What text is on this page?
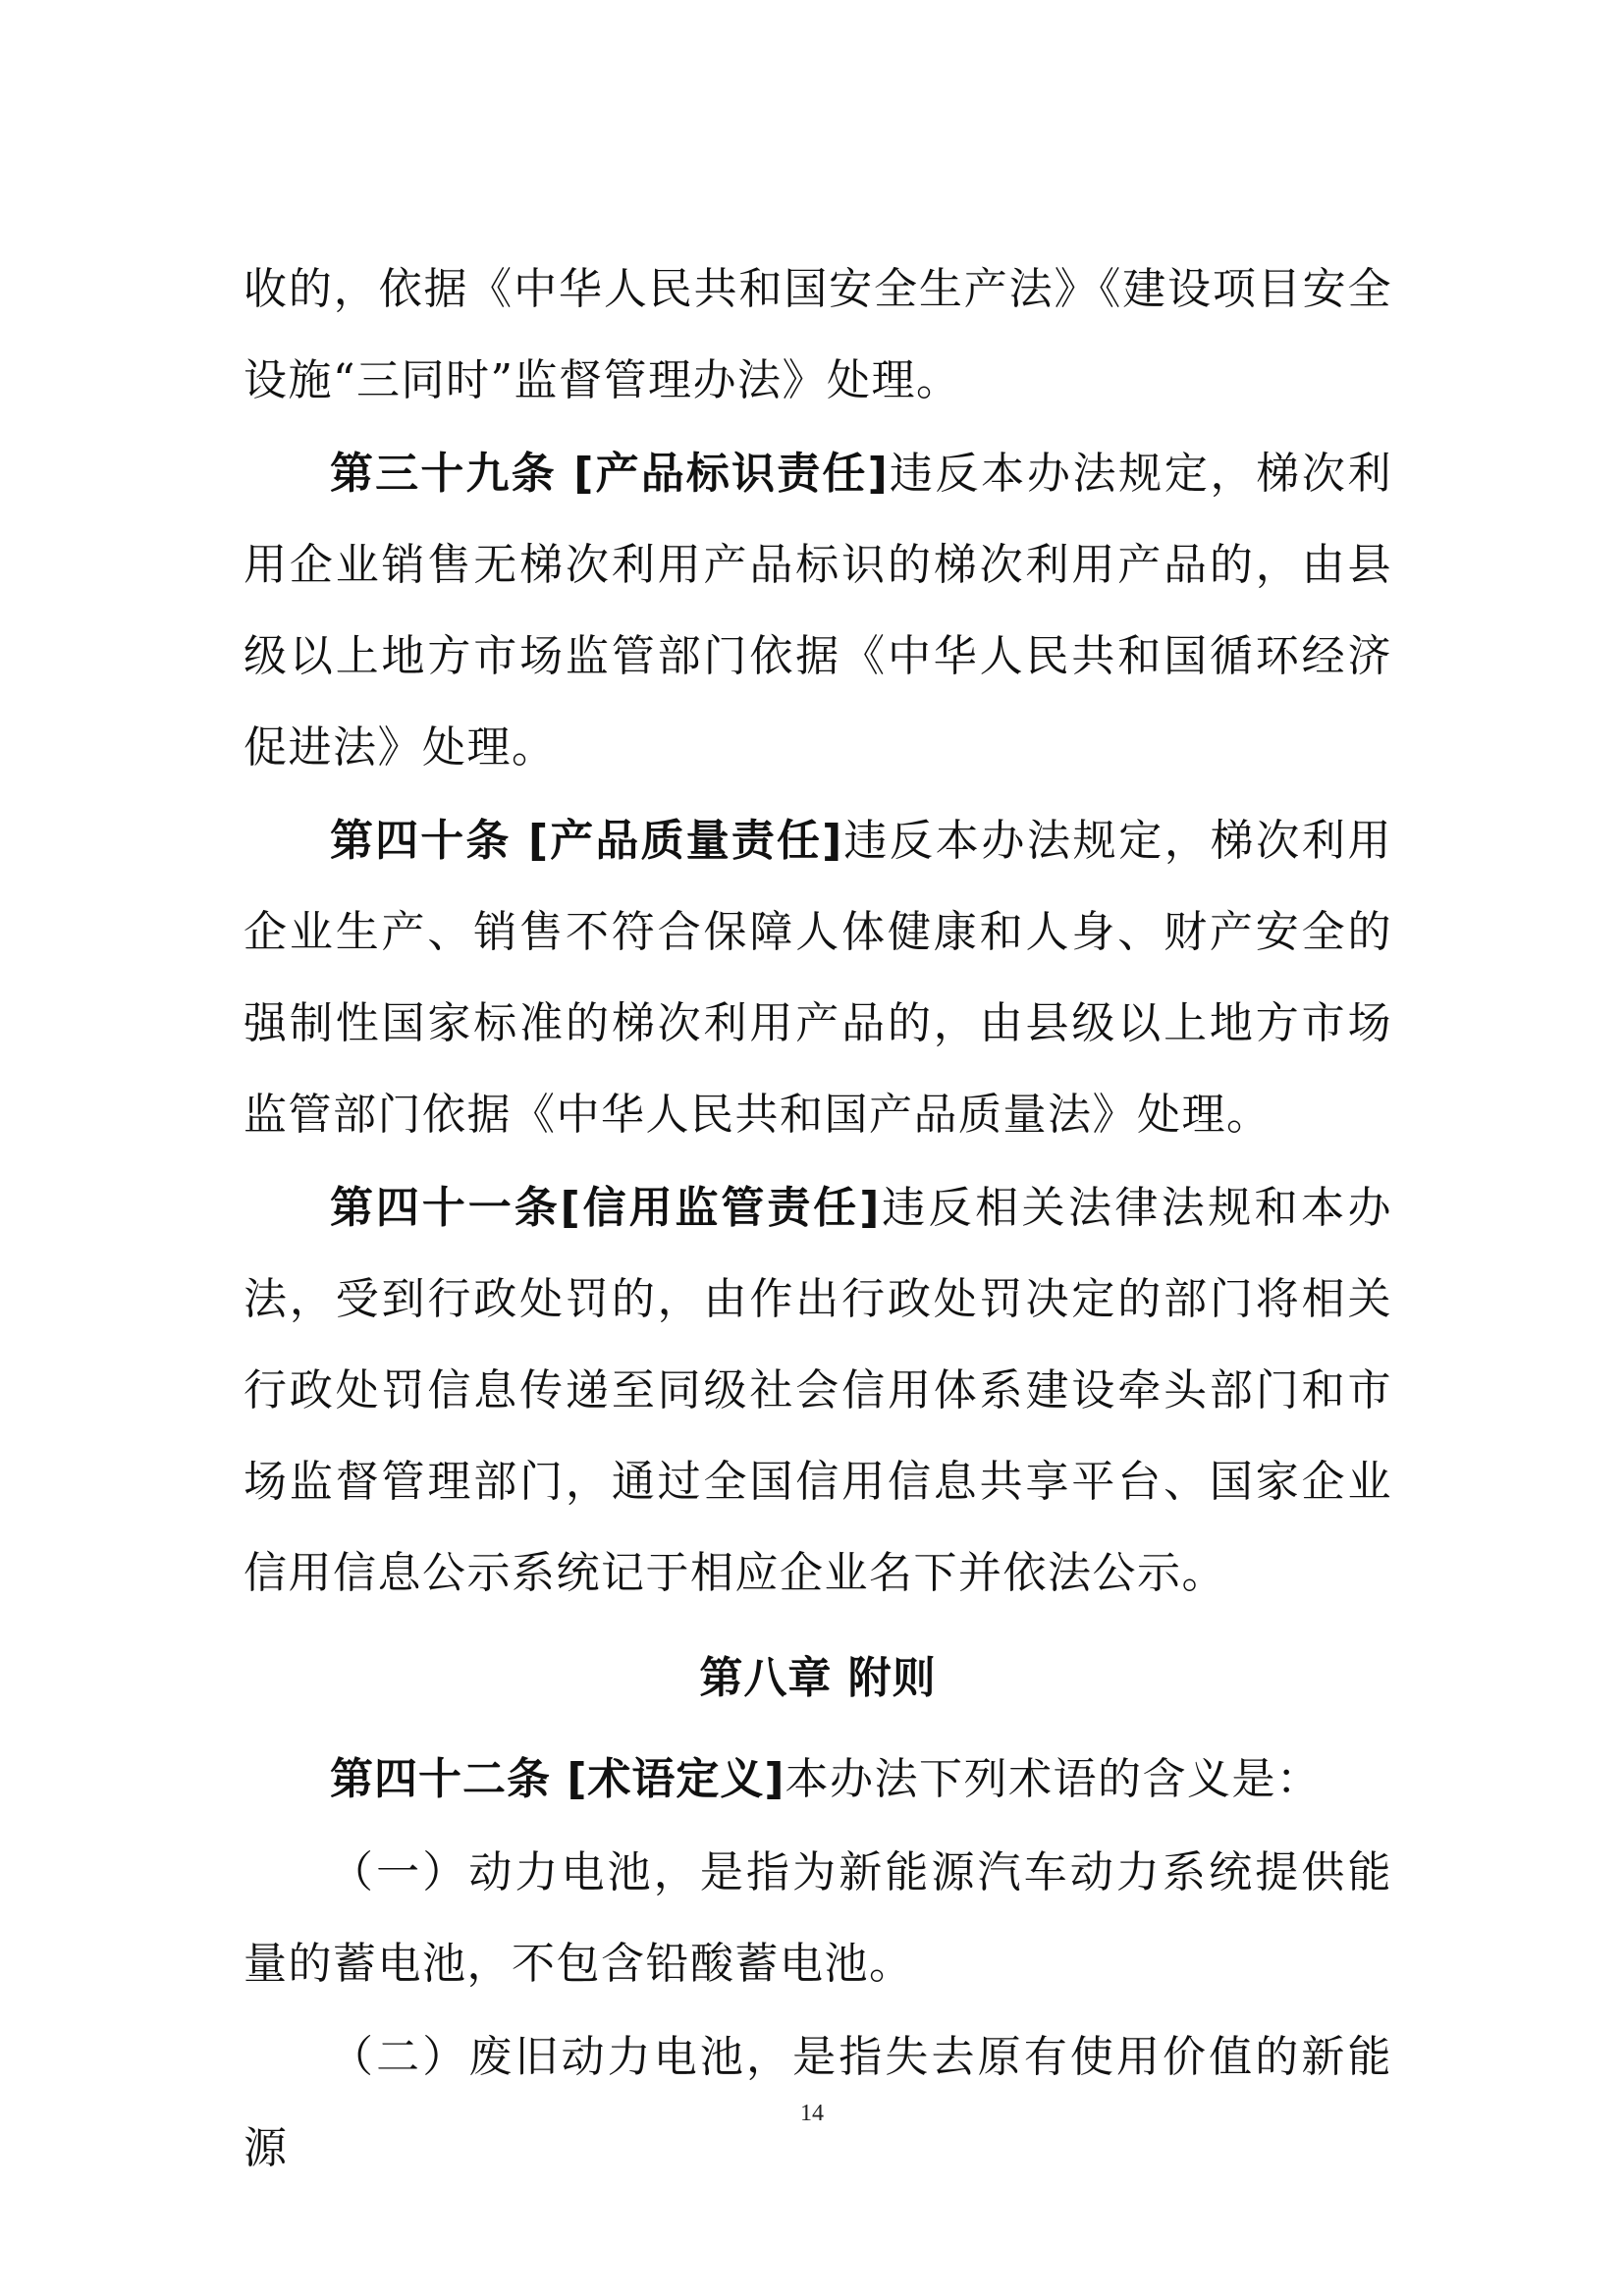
收的，依据《中华人民共和国安全生产法》《建设项目安全设施“三同时”监督管理办法》处理。

第三十九条 [产品标识责任]违反本办法规定，梯次利用企业销售无梯次利用产品标识的梯次利用产品的，由县级以上地方市场监管部门依据《中华人民共和国循环经济促进法》处理。

第四十条 [产品质量责任]违反本办法规定，梯次利用企业生产、销售不符合保障人体健康和人身、财产安全的强制性国家标准的梯次利用产品的，由县级以上地方市场监管部门依据《中华人民共和国产品质量法》处理。

第四十一条[信用监管责任]违反相关法律法规和本办法，受到行政处罚的，由作出行政处罚决定的部门将相关行政处罚信息传递至同级社会信用体系建设牵头部门和市场监督管理部门，通过全国信用信息共享平台、国家企业信用信息公示系统记于相应企业名下并依法公示。

第八章 附则

第四十二条 [术语定义]本办法下列术语的含义是：

（一）动力电池，是指为新能源汽车动力系统提供能量的蓄电池，不包含铅酸蓄电池。

（二）废旧动力电池，是指失去原有使用价值的新能源

14
